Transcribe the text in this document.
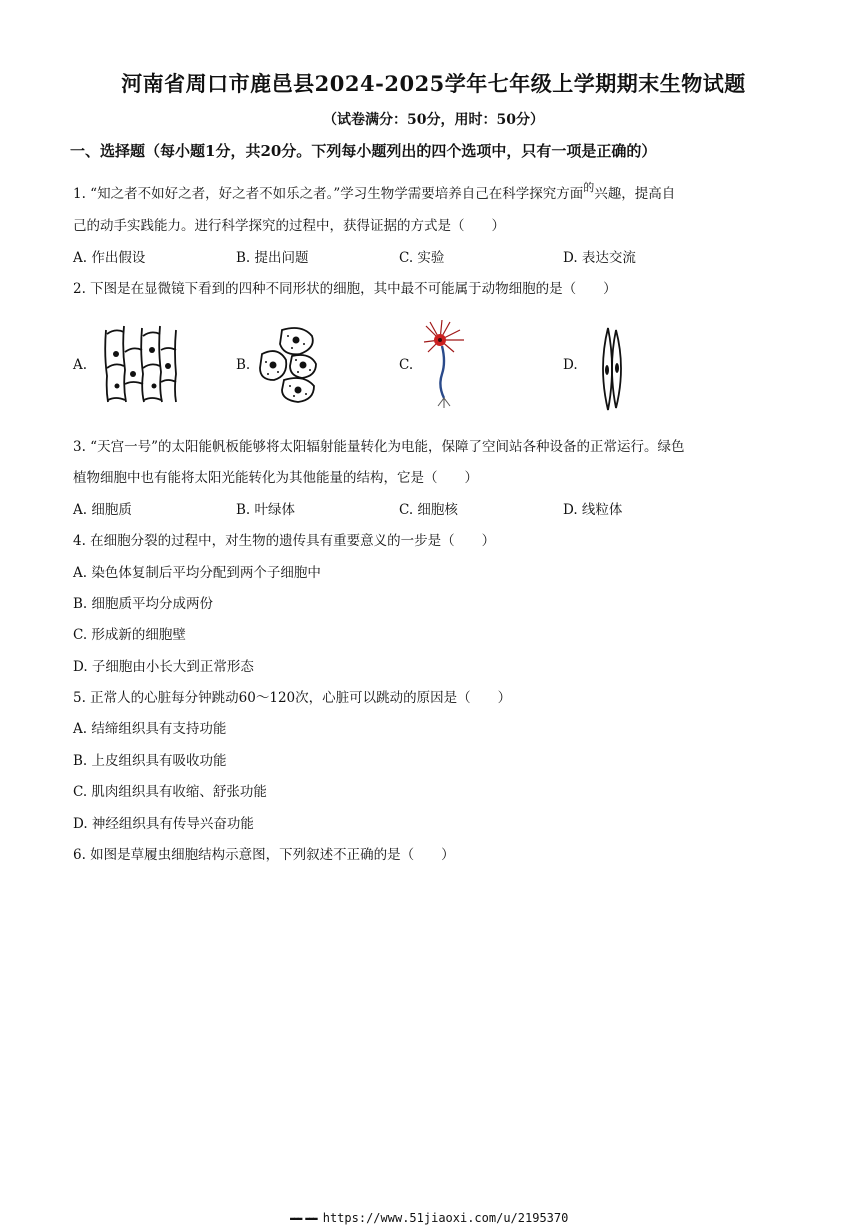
河南省周口市鹿邑县2024-2025学年七年级上学期期末生物试题
（试卷满分：50分，用时：50分）
一、选择题（每小题1分，共20分。下列每小题列出的四个选项中，只有一项是正确的）
1. “知之者不如好之者，好之者不如乐之者。”学习生物学需要培养自己在科学探究方面$^的$兴趣，提高自
己的动手实践能力。进行科学探究的过程中，获得证据的方式是（　　）
A. 作出假设	B. 提出问题	C. 实验	D. 表达交流
2. 下图是在显微镜下看到的四种不同形状的细胞，其中最不可能属于动物细胞的是（　　）
A.	B.	C.	D.
3. “天宫一号”的太阳能帆板能够将太阳辐射能量转化为电能，保障了空间站各种设备的正常运行。绿色
植物细胞中也有能将太阳光能转化为其他能量的结构，它是（　　）
A. 细胞质	B. 叶绿体	C. 细胞核	D. 线粒体
4. 在细胞分裂的过程中，对生物的遗传具有重要意义的一步是（　　）
A. 染色体复制后平均分配到两个子细胞中
B. 细胞质平均分成两份
C. 形成新的细胞壁
D. 子细胞由小长大到正常形态
5. 正常人的心脏每分钟跳动60～120次，心脏可以跳动的原因是（　　）
A. 结缔组织具有支持功能
B. 上皮组织具有吸收功能
C. 肌肉组织具有收缩、舒张功能
D. 神经组织具有传导兴奋功能
6. 如图是草履虫细胞结构示意图，下列叙述不正确的是（　　）
▬▬▬ ▬▬▬ https://www.51jiaoxi.com/u/2195370
